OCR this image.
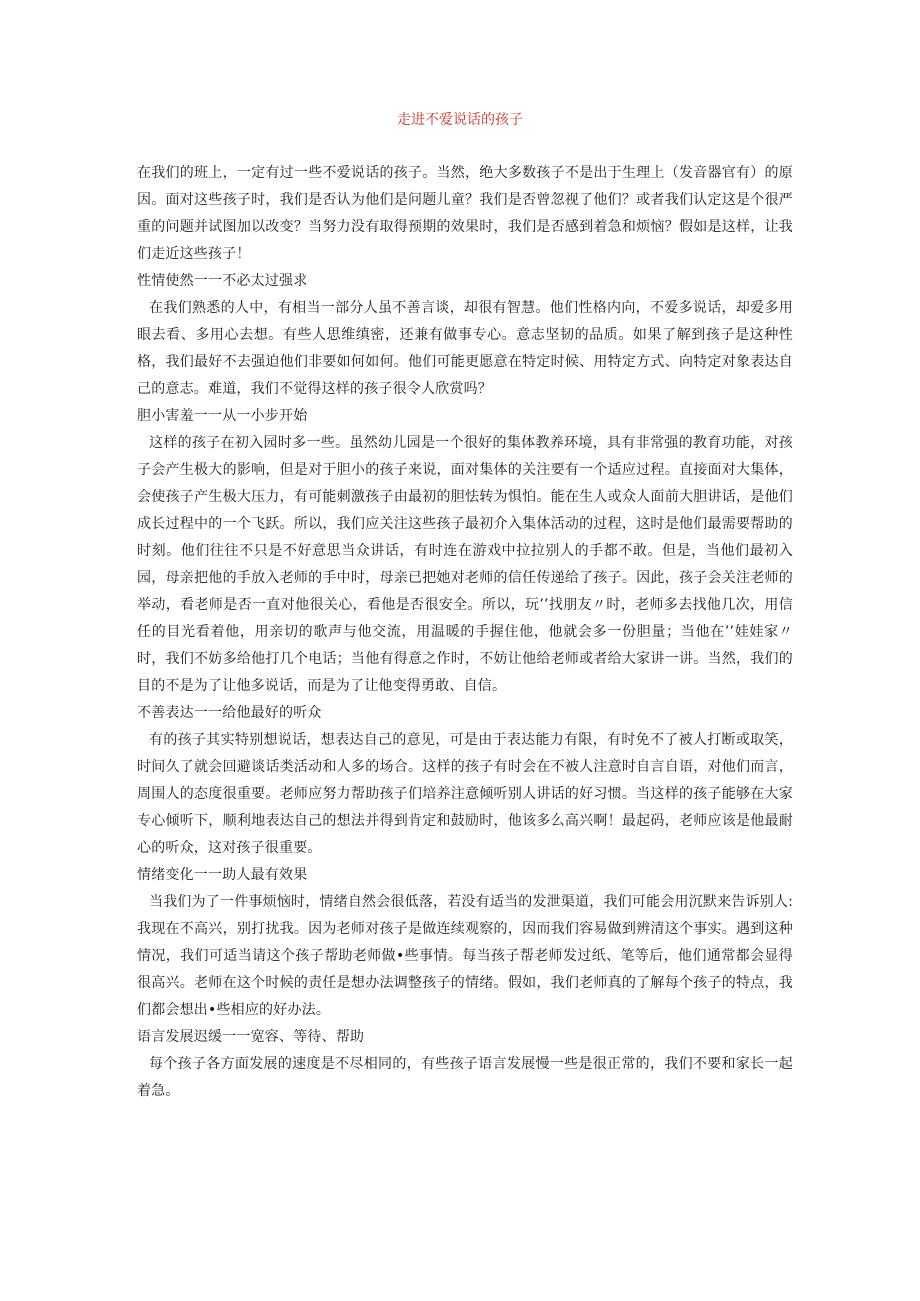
走进不爱说话的孩子

在我们的班上，一定有过一些不爱说话的孩子。当然，绝大多数孩子不是出于生理上（发音器官有）的原因。面对这些孩子时，我们是否认为他们是问题儿童？我们是否曾忽视了他们？或者我们认定这是个很严重的问题并试图加以改变？当努力没有取得预期的效果时，我们是否感到着急和烦恼？假如是这样，让我们走近这些孩子！

性情使然一一不必太过强求

在我们熟悉的人中，有相当一部分人虽不善言谈，却很有智慧。他们性格内向，不爱多说话，却爱多用眼去看、多用心去想。有些人思维缜密，还兼有做事专心。意志坚韧的品质。如果了解到孩子是这种性格，我们最好不去强迫他们非要如何如何。他们可能更愿意在特定时候、用特定方式、向特定对象表达自己的意志。难道，我们不觉得这样的孩子很令人欣赏吗？

胆小害羞一一从一小步开始

这样的孩子在初入园时多一些。虽然幼儿园是一个很好的集体教养环境，具有非常强的教育功能，对孩子会产生极大的影响，但是对于胆小的孩子来说，面对集体的关注要有一个适应过程。直接面对大集体，会使孩子产生极大压力，有可能刺激孩子由最初的胆怯转为惧怕。能在生人或众人面前大胆讲话，是他们成长过程中的一个飞跃。所以，我们应关注这些孩子最初介入集体活动的过程，这时是他们最需要帮助的时刻。他们往往不只是不好意思当众讲话，有时连在游戏中拉拉别人的手都不敢。但是，当他们最初入园，母亲把他的手放入老师的手中时，母亲已把她对老师的信任传递给了孩子。因此，孩子会关注老师的举动，看老师是否一直对他很关心，看他是否很安全。所以，玩’’找朋友〃时，老师多去找他几次，用信任的目光看着他，用亲切的歌声与他交流，用温暖的手握住他，他就会多一份胆量；当他在’’娃娃家〃时，我们不妨多给他打几个电话；当他有得意之作时，不妨让他给老师或者给大家讲一讲。当然，我们的目的不是为了让他多说话，而是为了让他变得勇敢、自信。

不善表达一一给他最好的听众

有的孩子其实特别想说话，想表达自己的意见，可是由于表达能力有限，有时免不了被人打断或取笑，时间久了就会回避谈话类活动和人多的场合。这样的孩子有时会在不被人注意时自言自语，对他们而言，周围人的态度很重要。老师应努力帮助孩子们培养注意倾听别人讲话的好习惯。当这样的孩子能够在大家专心倾听下，顺利地表达自己的想法并得到肯定和鼓励时，他该多么高兴啊！最起码，老师应该是他最耐心的听众，这对孩子很重要。

情绪变化一一助人最有效果

当我们为了一件事烦恼时，情绪自然会很低落，若没有适当的发泄渠道，我们可能会用沉默来告诉别人:我现在不高兴，别打扰我。因为老师对孩子是做连续观察的，因而我们容易做到辨清这个事实。遇到这种情况，我们可适当请这个孩子帮助老师做•些事情。每当孩子帮老师发过纸、笔等后，他们通常都会显得很高兴。老师在这个时候的责任是想办法调整孩子的情绪。假如，我们老师真的了解每个孩子的特点，我们都会想出•些相应的好办法。

语言发展迟缓一一宽容、等待、帮助

每个孩子各方面发展的速度是不尽相同的，有些孩子语言发展慢一些是很正常的，我们不要和家长一起着急。
